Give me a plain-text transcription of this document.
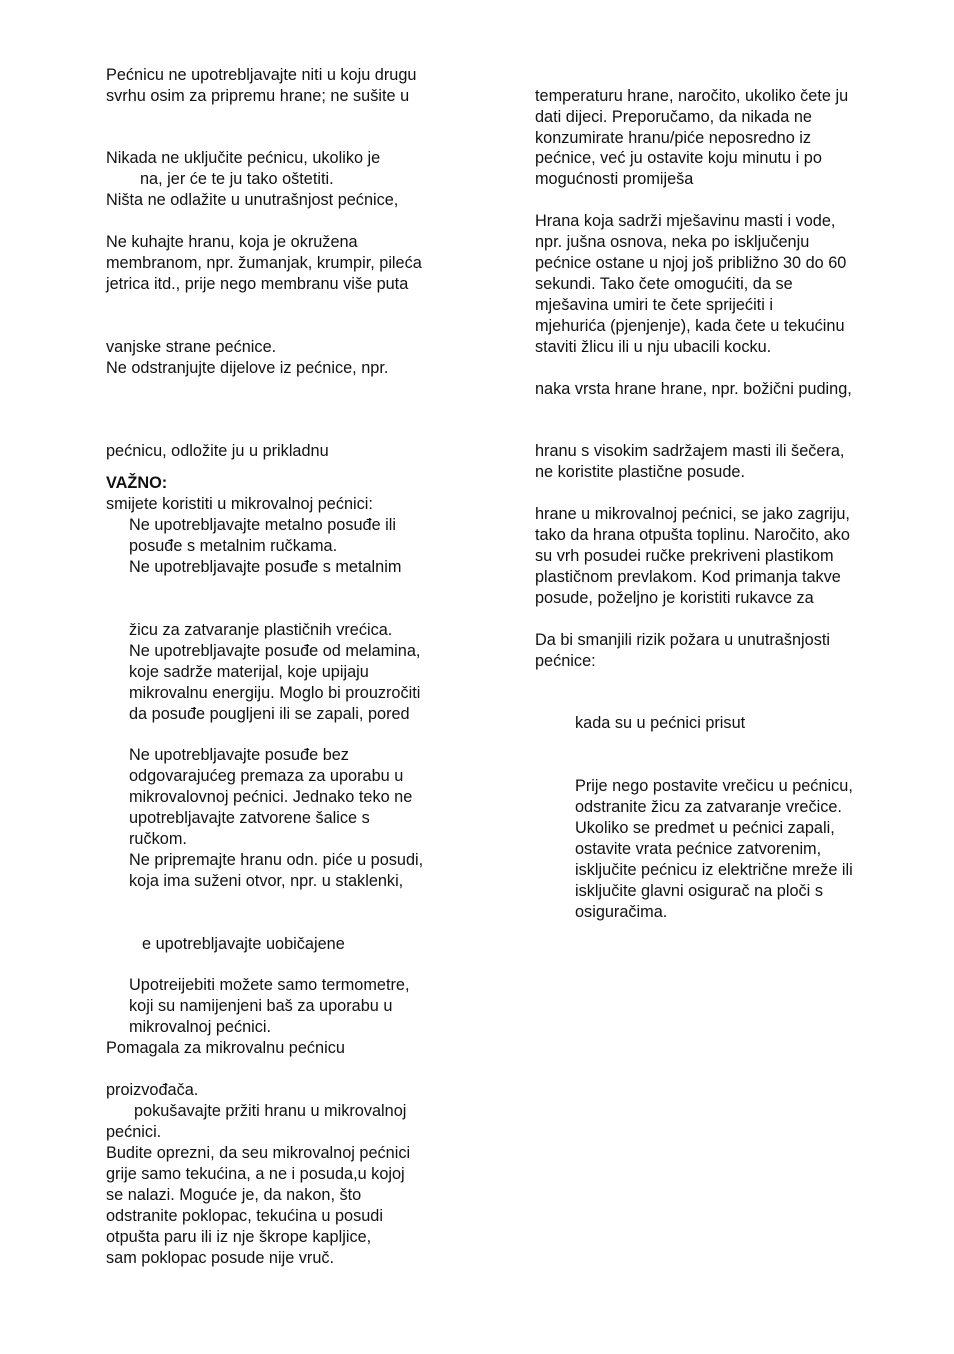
Pećnicu ne upotrebljavajte niti u koju drugu
svrhu osim za pripremu hrane; ne sušite u
Nikada ne uključite pećnicu, ukoliko je
na, jer će te ju tako oštetiti.
Ništa ne odlažite u unutrašnjost pećnice,
Ne kuhajte hranu, koja je okružena
membranom, npr. žumanjak, krumpir, pileća
jetrica itd., prije nego membranu više puta
vanjske strane pećnice.
Ne odstranjujte dijelove iz pećnice, npr.
pećnicu, odložite ju u prikladnu
VAŽNO:
smijete koristiti u mikrovalnoj pećnici:
Ne upotrebljavajte metalno posuđe ili
posuđe s metalnim ručkama.
Ne upotrebljavajte posuđe s metalnim
žicu za zatvaranje plastičnih vrećica.
Ne upotrebljavajte posuđe od melamina,
koje sadrže materijal, koje upijaju
mikrovalnu energiju. Moglo bi prouzročiti
da posuđe pougljeni ili se zapali, pored
Ne upotrebljavajte posuđe bez
odgovarajućeg premaza za uporabu u
mikrovalovnoj pećnici. Jednako teko ne
upotrebljavajte zatvorene šalice s
ručkom.
Ne pripremajte hranu odn. piće u posudi,
koja ima suženi otvor, npr. u staklenki,
e upotrebljavajte uobičajene
Upotreijebiti možete samo termometre,
koji su namijenjeni baš za uporabu u
mikrovalnoj pećnici.
Pomagala za mikrovalnu pećnicu
proizvođača.
pokušavajte pržiti hranu u mikrovalnoj
pećnici.
Budite oprezni, da seu mikrovalnoj pećnici
grije samo tekućina, a ne i posuda,u kojoj
se nalazi. Moguće je, da nakon, što
odstranite poklopac, tekućina u posudi
otpušta paru ili iz nje škrope kapljice,
sam poklopac posude nije vruč.
temperaturu hrane, naročito, ukoliko čete ju
dati dijeci. Preporučamo, da nikada ne
konzumirate hranu/piće neposredno iz
pećnice, već ju ostavite koju minutu i po
mogućnosti promiješa
Hrana koja sadrži mješavinu masti i vode,
npr. jušna osnova, neka po isključenju
pećnice ostane u njoj još približno 30 do 60
sekundi. Tako čete omogućiti, da se
mješavina umiri te čete sprijećiti i
mjehurića (pjenjenje), kada čete u tekućinu
staviti žlicu ili u nju ubacili kocku.
naka vrsta hrane hrane, npr. božični puding,
hranu s visokim sadržajem masti ili šečera,
ne koristite plastične posude.
hrane u mikrovalnoj pećnici, se jako zagriju,
tako da hrana otpušta toplinu. Naročito, ako
su vrh posudei ručke prekriveni plastikom
plastičnom prevlakom. Kod primanja takve
posude, poželjno je koristiti rukavce za
Da bi smanjili rizik požara u unutrašnjosti
pećnice:
kada su u pećnici prisut
Prije nego postavite vrečicu u pećnicu,
odstranite žicu za zatvaranje vrečice.
Ukoliko se predmet u pećnici zapali,
ostavite vrata pećnice zatvorenim,
isključite pećnicu iz električne mreže ili
isključite glavni osigurač na ploči s
osiguračima.
